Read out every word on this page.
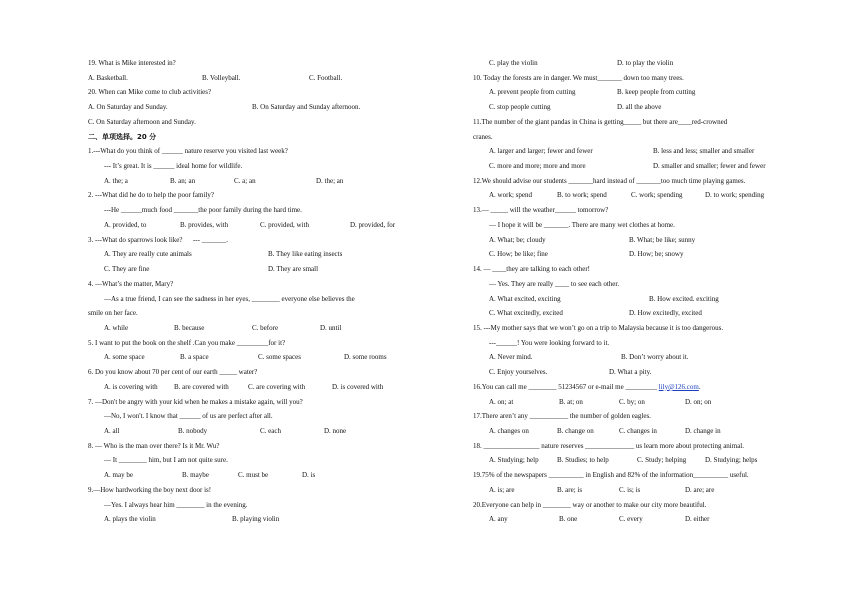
19. What is Mike interested in?
A. Basketball.	B. Volleyball.	C. Football.
20. When can Mike come to club activities?
A. On Saturday and Sunday.	B. On Saturday and Sunday afternoon.
C. On Saturday afternoon and Sunday.
二、单项选择。20 分
1.---What do you think of ______ nature reserve you visited last week?
--- It’s great. It is ______ ideal home for wildlife.
A. the; a	B. an; an	C. a; an	D. the; an
2. ---What did he do to help the poor family?
---He ______much food _______the poor family during the hard time.
A. provided, to	B. provides, with	C. provided, with	D. provided, for
3. ---What do sparrows look like?      --- _______.
A. They are really cute animals	B. They like eating insects
C. They are fine	D. They are small
4. —What’s the matter, Mary?
—As a true friend, I can see the sadness in her eyes, ________ everyone else believes the
smile on her face.
A. while	B. because	C. before	D. until
5. I want to put the book on the shelf .Can you make _________for it?
A. some space	B. a space	C. some spaces	D. some rooms
6. Do you know about 70 per cent of our earth _____ water?
A. is covering with B. are covered with	C. are covering with	D. is covered with
7. —Don't be angry with your kid when he makes a mistake again, will you?
—No, I won't. I know that ______ of us are perfect after all.
A. all	B. nobody	C. each	D. none
8. — Who is the man over there? Is it Mr. Wu?
— It ________ him, but I am not quite sure.
A. may be	B. maybe	C. must be	D. is
9.—How hardworking the boy next door is!
—Yes. I always hear him ________ in the evening.
A. plays the violin	B. playing violin
C. play the violin	D. to play the violin
10. Today the forests are in danger. We must_______ down too many trees.
A. prevent people from cutting	B. keep people from cutting
C. stop people cutting	D. all the above
11.The number of the giant pandas in China is getting_____ but there are____red-crowned
cranes.
A. larger and larger; fewer and fewer	B. less and less; smaller and smaller
C. more and more; more and more	D. smaller and smaller; fewer and fewer
12.We should advise our students _______hard instead of _______too much time playing games.
A. work; spend	B. to work; spend	C. work; spending	D. to work; spending
13.— _____ will the weather______ tomorrow?
— I hope it will be _______. There are many wet clothes at home.
A. What; be; cloudy	B. What; be like; sunny
C. How; be like; fine	D. How; be; snowy
14. — ____they are talking to each other!
— Yes. They are really ____ to see each other.
A. What excited, exciting	B. How excited. exciting
C. What excitedly, excited	D. How excitedly, excited
15. ---My mother says that we won’t go on a trip to Malaysia because it is too dangerous.
---______! You were looking forward to it.
A. Never mind.	B. Don’t worry about it.
C. Enjoy yourselves.	D. What a pity.
16.You can call me ________ 51234567 or e-mail me _________ lily@126.com.
A. on; at	B. at; on	C. by; on	D. on; on
17.There aren’t any ___________ the number of golden eagles.
A. changes on	B. change on	C. changes in	D. change in
18. ________________ nature reserves ______________ us learn more about protecting animal.
A. Studying; help	B. Studies; to help	C. Study; helping	D. Studying; helps
19.75% of the newspapers __________ in English and 82% of the information__________ useful.
A. is; are	B. are; is	C. is; is	D. are; are
20.Everyone can help in ________ way or another to make our city more beautiful.
A. any	B. one	C. every	D. either
